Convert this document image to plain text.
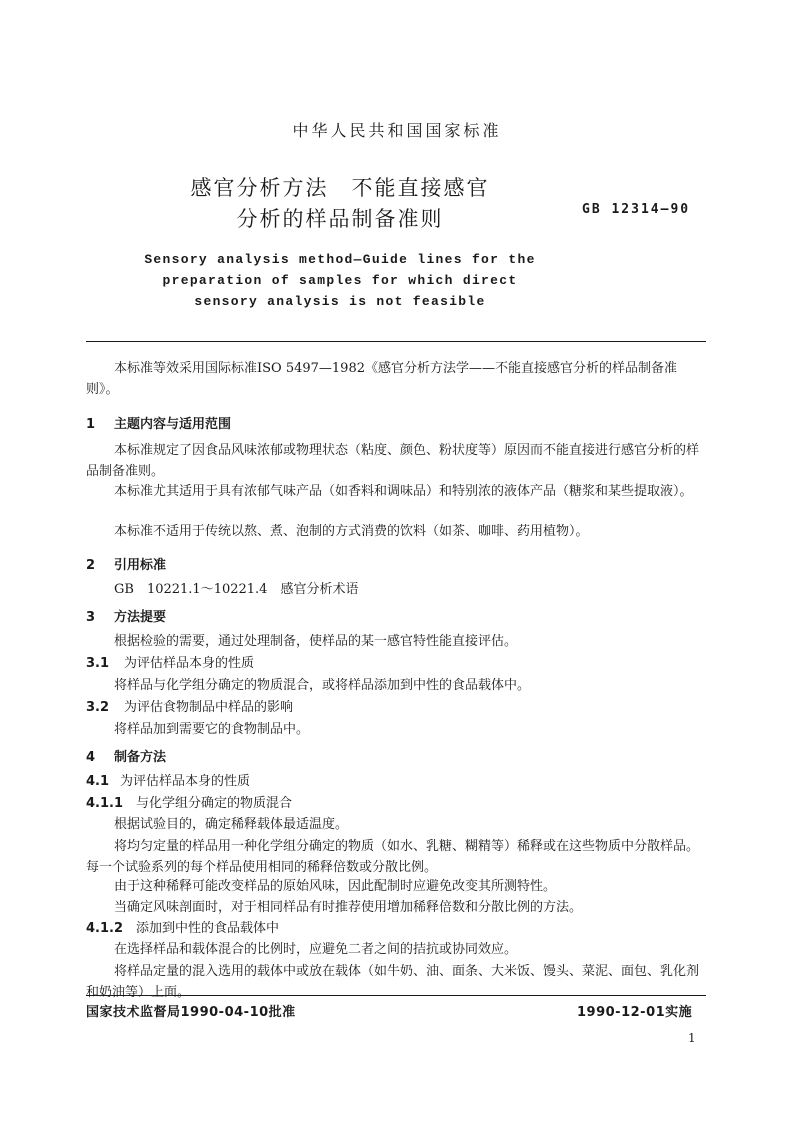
中华人民共和国国家标准
感官分析方法　不能直接感官
分析的样品制备准则	GB 12314—90
Sensory analysis method—Guide lines for the
preparation of samples for which direct
sensory analysis is not feasible
本标准等效采用国际标准ISO 5497—1982《感官分析方法学——不能直接感官分析的样品制备准则》。
1 主题内容与适用范围
本标准规定了因食品风味浓郁或物理状态（粘度、颜色、粉状度等）原因而不能直接进行感官分析的样品制备准则。
本标准尤其适用于具有浓郁气味产品（如香料和调味品）和特别浓的液体产品（糖浆和某些提取液）。
本标准不适用于传统以熬、煮、泡制的方式消费的饮料（如茶、咖啡、药用植物）。
2 引用标准
GB　10221.1～10221.4　感官分析术语
3 方法提要
根据检验的需要，通过处理制备，使样品的某一感官特性能直接评估。
3.1 为评估样品本身的性质
将样品与化学组分确定的物质混合，或将样品添加到中性的食品载体中。
3.2 为评估食物制品中样品的影响
将样品加到需要它的食物制品中。
4 制备方法
4.1 为评估样品本身的性质
4.1.1 与化学组分确定的物质混合
根据试验目的，确定稀释载体最适温度。
将均匀定量的样品用一种化学组分确定的物质（如水、乳糖、糊精等）稀释或在这些物质中分散样品。每一个试验系列的每个样品使用相同的稀释倍数或分散比例。
由于这种稀释可能改变样品的原始风味，因此配制时应避免改变其所测特性。
当确定风味剖面时，对于相同样品有时推荐使用增加稀释倍数和分散比例的方法。
4.1.2 添加到中性的食品载体中
在选择样品和载体混合的比例时，应避免二者之间的拮抗或协同效应。
将样品定量的混入选用的载体中或放在载体（如牛奶、油、面条、大米饭、馒头、菜泥、面包、乳化剂和奶油等）上面。
国家技术监督局1990-04-10批准	1990-12-01实施
1
